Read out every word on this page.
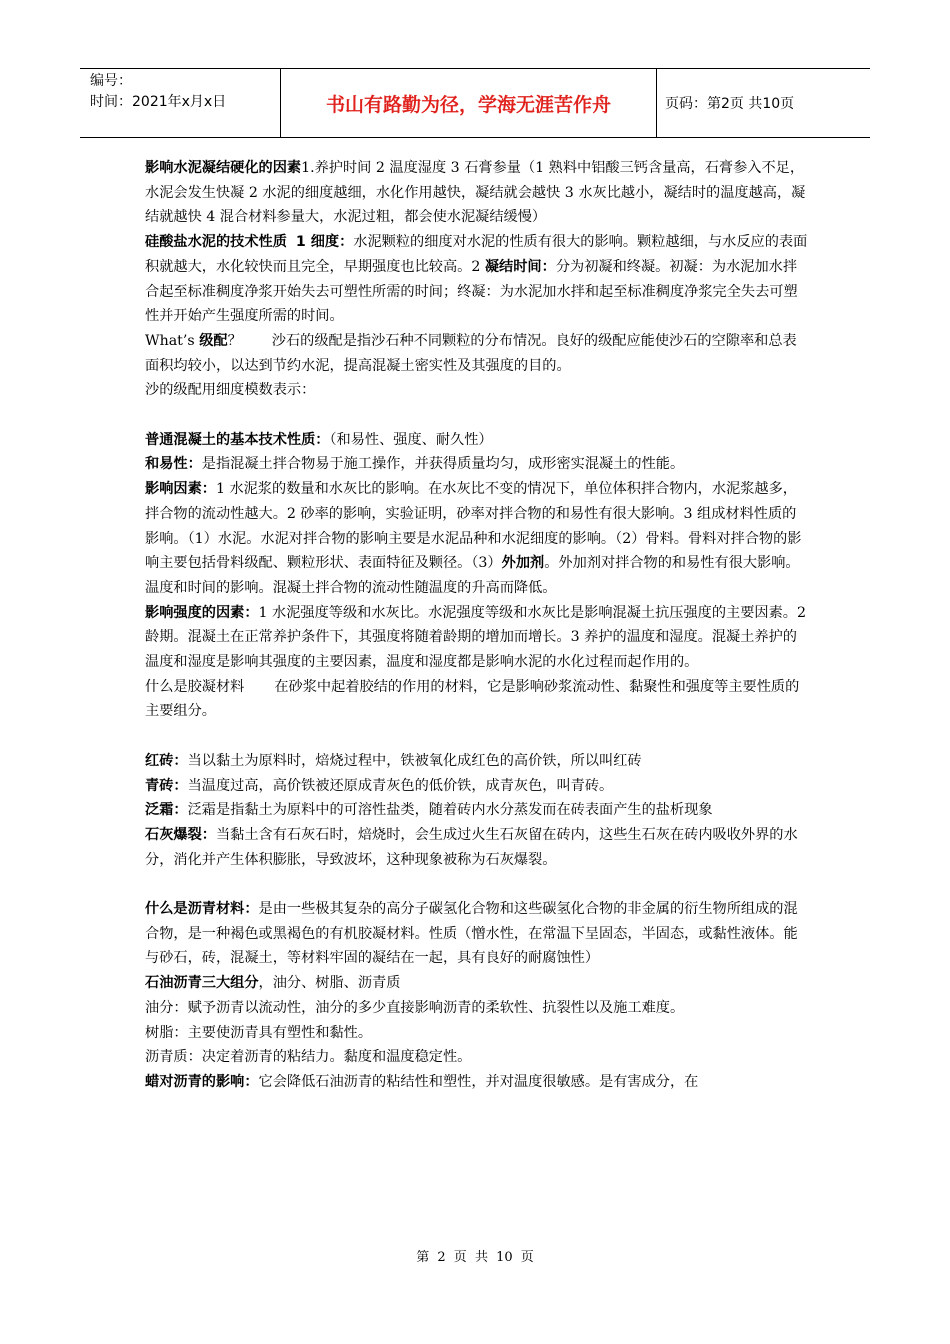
编号：
时间：2021年x月x日	书山有路勤为径，学海无涯苦作舟	页码：第2页 共10页

影响水泥凝结硬化的因素1.养护时间 2 温度湿度 3 石膏参量（1 熟料中铝酸三钙含量高，石膏参入不足，水泥会发生快凝 2 水泥的细度越细，水化作用越快，凝结就会越快 3 水灰比越小，凝结时的温度越高，凝结就越快 4 混合材料参量大，水泥过粗，都会使水泥凝结缓慢）

硅酸盐水泥的技术性质 1 细度：水泥颗粒的细度对水泥的性质有很大的影响。颗粒越细，与水反应的表面积就越大，水化较快而且完全，早期强度也比较高。2 凝结时间：分为初凝和终凝。初凝：为水泥加水拌合起至标准稠度净浆开始失去可塑性所需的时间；终凝：为水泥加水拌和起至标准稠度净浆完全失去可塑性并开始产生强度所需的时间。

What’s 级配？ 沙石的级配是指沙石种不同颗粒的分布情况。良好的级配应能使沙石的空隙率和总表面积均较小，以达到节约水泥，提高混凝土密实性及其强度的目的。

沙的级配用细度模数表示：

普通混凝土的基本技术性质：（和易性、强度、耐久性）

和易性：是指混凝土拌合物易于施工操作，并获得质量均匀，成形密实混凝土的性能。

影响因素：1 水泥浆的数量和水灰比的影响。在水灰比不变的情况下，单位体积拌合物内，水泥浆越多，拌合物的流动性越大。2 砂率的影响，实验证明，砂率对拌合物的和易性有很大影响。3 组成材料性质的影响。（1）水泥。水泥对拌合物的影响主要是水泥品种和水泥细度的影响。（2）骨料。骨料对拌合物的影响主要包括骨料级配、颗粒形状、表面特征及颗径。（3）外加剂。外加剂对拌合物的和易性有很大影响。温度和时间的影响。混凝土拌合物的流动性随温度的升高而降低。

影响强度的因素：1 水泥强度等级和水灰比。水泥强度等级和水灰比是影响混凝土抗压强度的主要因素。2 龄期。混凝土在正常养护条件下，其强度将随着龄期的增加而增长。3 养护的温度和湿度。混凝土养护的温度和湿度是影响其强度的主要因素，温度和湿度都是影响水泥的水化过程而起作用的。

什么是胶凝材料 在砂浆中起着胶结的作用的材料，它是影响砂浆流动性、黏聚性和强度等主要性质的主要组分。

红砖：当以黏土为原料时，焙烧过程中，铁被氧化成红色的高价铁，所以叫红砖

青砖：当温度过高，高价铁被还原成青灰色的低价铁，成青灰色，叫青砖。

泛霜：泛霜是指黏土为原料中的可溶性盐类，随着砖内水分蒸发而在砖表面产生的盐析现象

石灰爆裂：当黏土含有石灰石时，焙烧时，会生成过火生石灰留在砖内，这些生石灰在砖内吸收外界的水分，消化并产生体积膨胀，导致波坏，这种现象被称为石灰爆裂。

什么是沥青材料：是由一些极其复杂的高分子碳氢化合物和这些碳氢化合物的非金属的衍生物所组成的混合物，是一种褐色或黑褐色的有机胶凝材料。性质（憎水性，在常温下呈固态，半固态，或黏性液体。能与砂石，砖，混凝土，等材料牢固的凝结在一起，具有良好的耐腐蚀性）

石油沥青三大组分，油分、树脂、沥青质

油分：赋予沥青以流动性，油分的多少直接影响沥青的柔软性、抗裂性以及施工难度。

树脂：主要使沥青具有塑性和黏性。

沥青质：决定着沥青的粘结力。黏度和温度稳定性。

蜡对沥青的影响：它会降低石油沥青的粘结性和塑性，并对温度很敏感。是有害成分，在

第 2 页 共 10 页
